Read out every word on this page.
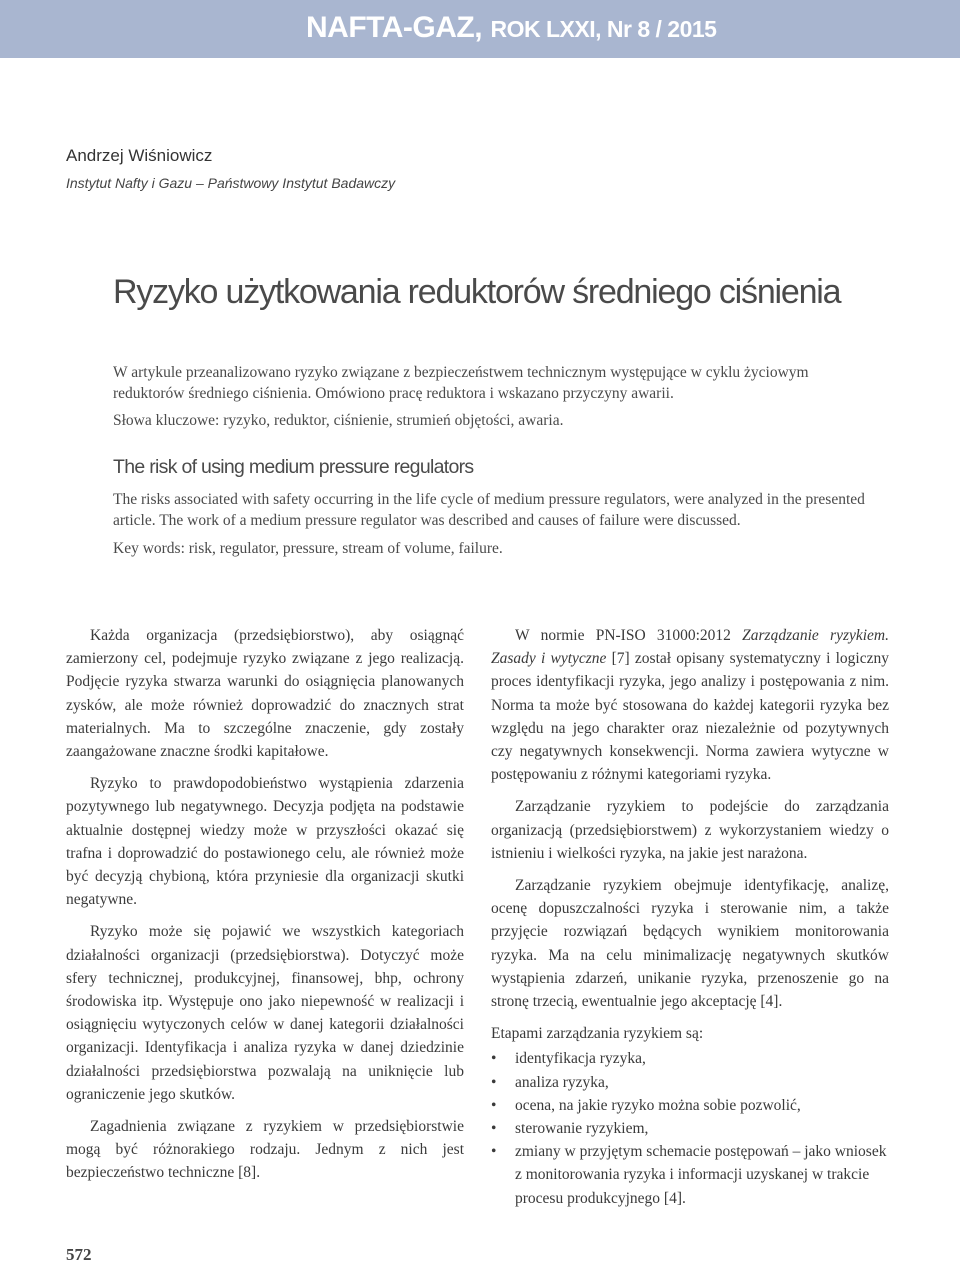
NAFTA-GAZ, ROK LXXI, Nr 8 / 2015
Andrzej Wiśniowicz
Instytut Nafty i Gazu – Państwowy Instytut Badawczy
Ryzyko użytkowania reduktorów średniego ciśnienia

W artykule przeanalizowano ryzyko związane z bezpieczeństwem technicznym występujące w cyklu życiowym reduktorów średniego ciśnienia. Omówiono pracę reduktora i wskazano przyczyny awarii.

Słowa kluczowe: ryzyko, reduktor, ciśnienie, strumień objętości, awaria.

The risk of using medium pressure regulators

The risks associated with safety occurring in the life cycle of medium pressure regulators, were analyzed in the presented article. The work of a medium pressure regulator was described and causes of failure were discussed.

Key words: risk, regulator, pressure, stream of volume, failure.

Każda organizacja (przedsiębiorstwo), aby osiągnąć zamierzony cel, podejmuje ryzyko związane z jego realizacją. Podjęcie ryzyka stwarza warunki do osiągnięcia planowanych zysków, ale może również doprowadzić do znacznych strat materialnych. Ma to szczególne znaczenie, gdy zostały zaangażowane znaczne środki kapitałowe.

Ryzyko to prawdopodobieństwo wystąpienia zdarzenia pozytywnego lub negatywnego. Decyzja podjęta na podstawie aktualnie dostępnej wiedzy może w przyszłości okazać się trafna i doprowadzić do postawionego celu, ale również może być decyzją chybioną, która przyniesie dla organizacji skutki negatywne.

Ryzyko może się pojawić we wszystkich kategoriach działalności organizacji (przedsiębiorstwa). Dotyczyć może sfery technicznej, produkcyjnej, finansowej, bhp, ochrony środowiska itp. Występuje ono jako niepewność w realizacji i osiągnięciu wytyczonych celów w danej kategorii działalności organizacji. Identyfikacja i analiza ryzyka w danej dziedzinie działalności przedsiębiorstwa pozwalają na uniknięcie lub ograniczenie jego skutków.

Zagadnienia związane z ryzykiem w przedsiębiorstwie mogą być różnorakiego rodzaju. Jednym z nich jest bezpieczeństwo techniczne [8].

W normie PN-ISO 31000:2012 Zarządzanie ryzykiem. Zasady i wytyczne [7] został opisany systematyczny i logiczny proces identyfikacji ryzyka, jego analizy i postępowania z nim. Norma ta może być stosowana do każdej kategorii ryzyka bez względu na jego charakter oraz niezależnie od pozytywnych czy negatywnych konsekwencji. Norma zawiera wytyczne w postępowaniu z różnymi kategoriami ryzyka.

Zarządzanie ryzykiem to podejście do zarządzania organizacją (przedsiębiorstwem) z wykorzystaniem wiedzy o istnieniu i wielkości ryzyka, na jakie jest narażona.

Zarządzanie ryzykiem obejmuje identyfikację, analizę, ocenę dopuszczalności ryzyka i sterowanie nim, a także przyjęcie rozwiązań będących wynikiem monitorowania ryzyka. Ma na celu minimalizację negatywnych skutków wystąpienia zdarzeń, unikanie ryzyka, przenoszenie go na stronę trzecią, ewentualnie jego akceptację [4].

Etapami zarządzania ryzykiem są:

• identyfikacja ryzyka,
• analiza ryzyka,
• ocena, na jakie ryzyko można sobie pozwolić,
• sterowanie ryzykiem,
• zmiany w przyjętym schemacie postępowań – jako wniosek z monitorowania ryzyka i informacji uzyskanej w trakcie procesu produkcyjnego [4].
572
